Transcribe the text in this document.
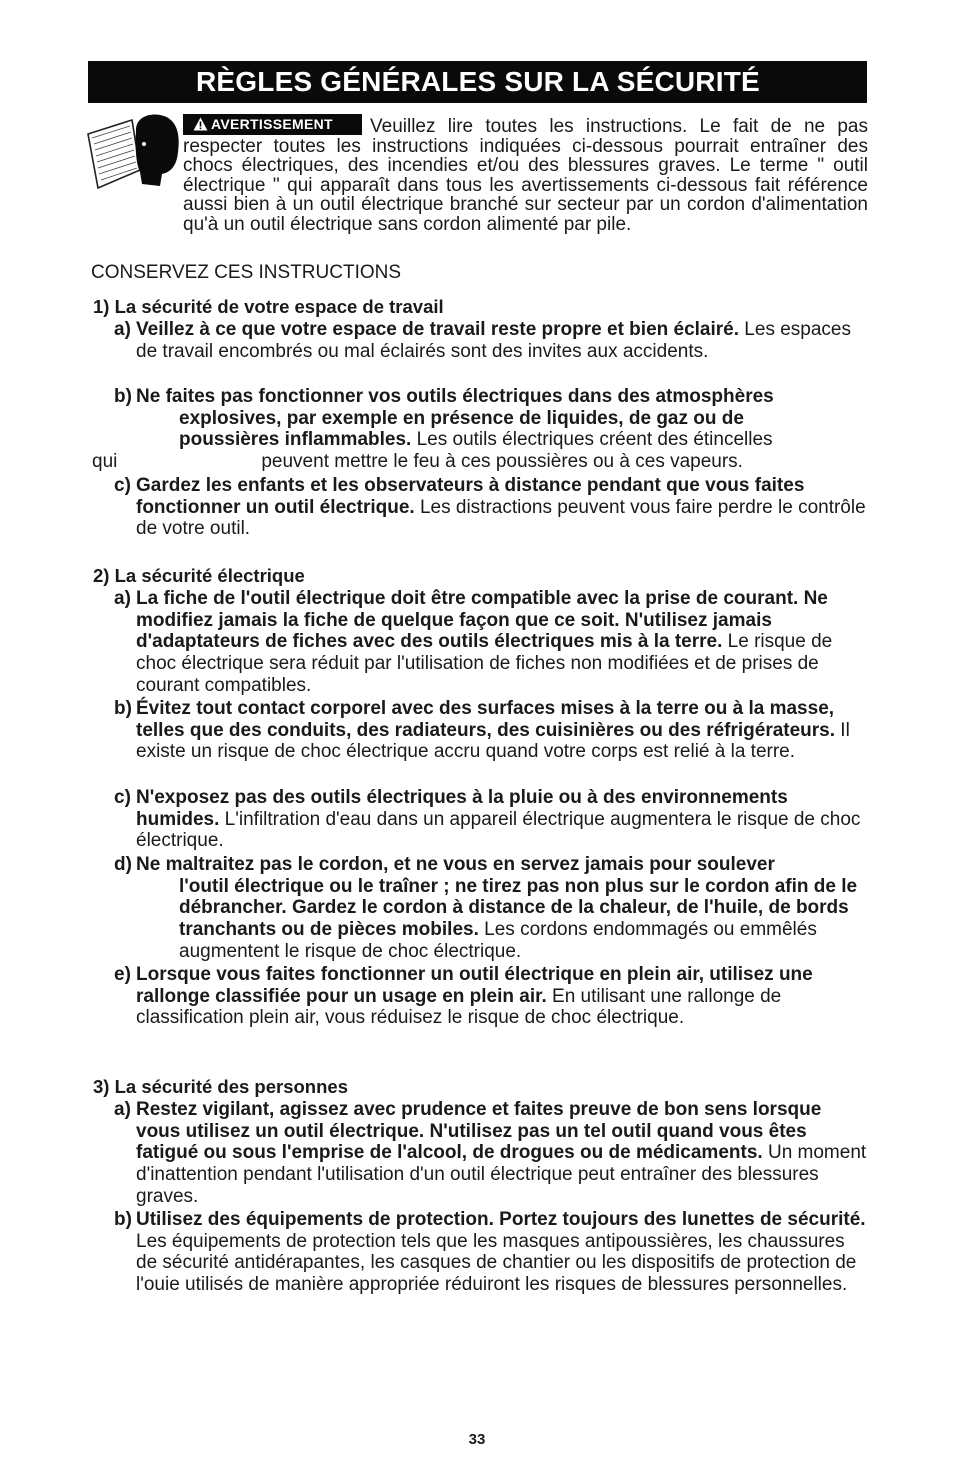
RÈGLES GÉNÉRALES SUR LA SÉCURITÉ
AVERTISSEMENT	Veuillez lire toutes les instructions. Le fait de ne pas respecter toutes les instructions indiquées ci-dessous pourrait entraîner des chocs électriques, des incendies et/ou des blessures graves. Le terme " outil électrique " qui apparaît dans tous les avertissements ci-dessous fait référence aussi bien à un outil électrique branché sur secteur par un cordon d'alimentation qu'à un outil électrique sans cordon alimenté par pile.

CONSERVEZ CES INSTRUCTIONS

1) La sécurité de votre espace de travail

a) Veillez à ce que votre espace de travail reste propre et bien éclairé. Les espaces de travail encombrés ou mal éclairés sont des invites aux accidents.
b) Ne faites pas fonctionner vos outils électriques dans des atmosphères
explosives, par exemple en présence de liquides, de gaz ou de
poussières inflammables. Les outils électriques créent des étincelles
qui	peuvent mettre le feu à ces poussières ou à ces vapeurs.
c) Gardez les enfants et les observateurs à distance pendant que vous faites fonctionner un outil électrique. Les distractions peuvent vous faire perdre le contrôle de votre outil.

2) La sécurité électrique

a) La fiche de l'outil électrique doit être compatible avec la prise de courant. Ne modifiez jamais la fiche de quelque façon que ce soit. N'utilisez jamais d'adaptateurs de fiches avec des outils électriques mis à la terre. Le risque de choc électrique sera réduit par l'utilisation de fiches non modifiées et de prises de courant compatibles.
b) Évitez tout contact corporel avec des surfaces mises à la terre ou à la masse, telles que des conduits, des radiateurs, des cuisinières ou des réfrigérateurs. Il existe un risque de choc électrique accru quand votre corps est relié à la terre.
c) N'exposez pas des outils électriques à la pluie ou à des environnements humides. L'infiltration d'eau dans un appareil électrique augmentera le risque de choc électrique.
d) Ne maltraitez pas le cordon, et ne vous en servez jamais pour soulever
l'outil électrique ou le traîner ; ne tirez pas non plus sur le cordon afin de le débrancher. Gardez le cordon à distance de la chaleur, de l'huile, de bords tranchants ou de pièces mobiles. Les cordons endommagés ou emmêlés augmentent le risque de choc électrique.
e) Lorsque vous faites fonctionner un outil électrique en plein air, utilisez une rallonge classifiée pour un usage en plein air. En utilisant une rallonge de classification plein air, vous réduisez le risque de choc électrique.

3) La sécurité des personnes

a) Restez vigilant, agissez avec prudence et faites preuve de bon sens lorsque vous utilisez un outil électrique. N'utilisez pas un tel outil quand vous êtes fatigué ou sous l'emprise de l'alcool, de drogues ou de médicaments. Un moment d'inattention pendant l'utilisation d'un outil électrique peut entraîner des blessures graves.
b) Utilisez des équipements de protection. Portez toujours des lunettes de sécurité. Les équipements de protection tels que les masques antipoussières, les chaussures de sécurité antidérapantes, les casques de chantier ou les dispositifs de protection de l'ouie utilisés de manière appropriée réduiront les risques de blessures personnelles.
33
